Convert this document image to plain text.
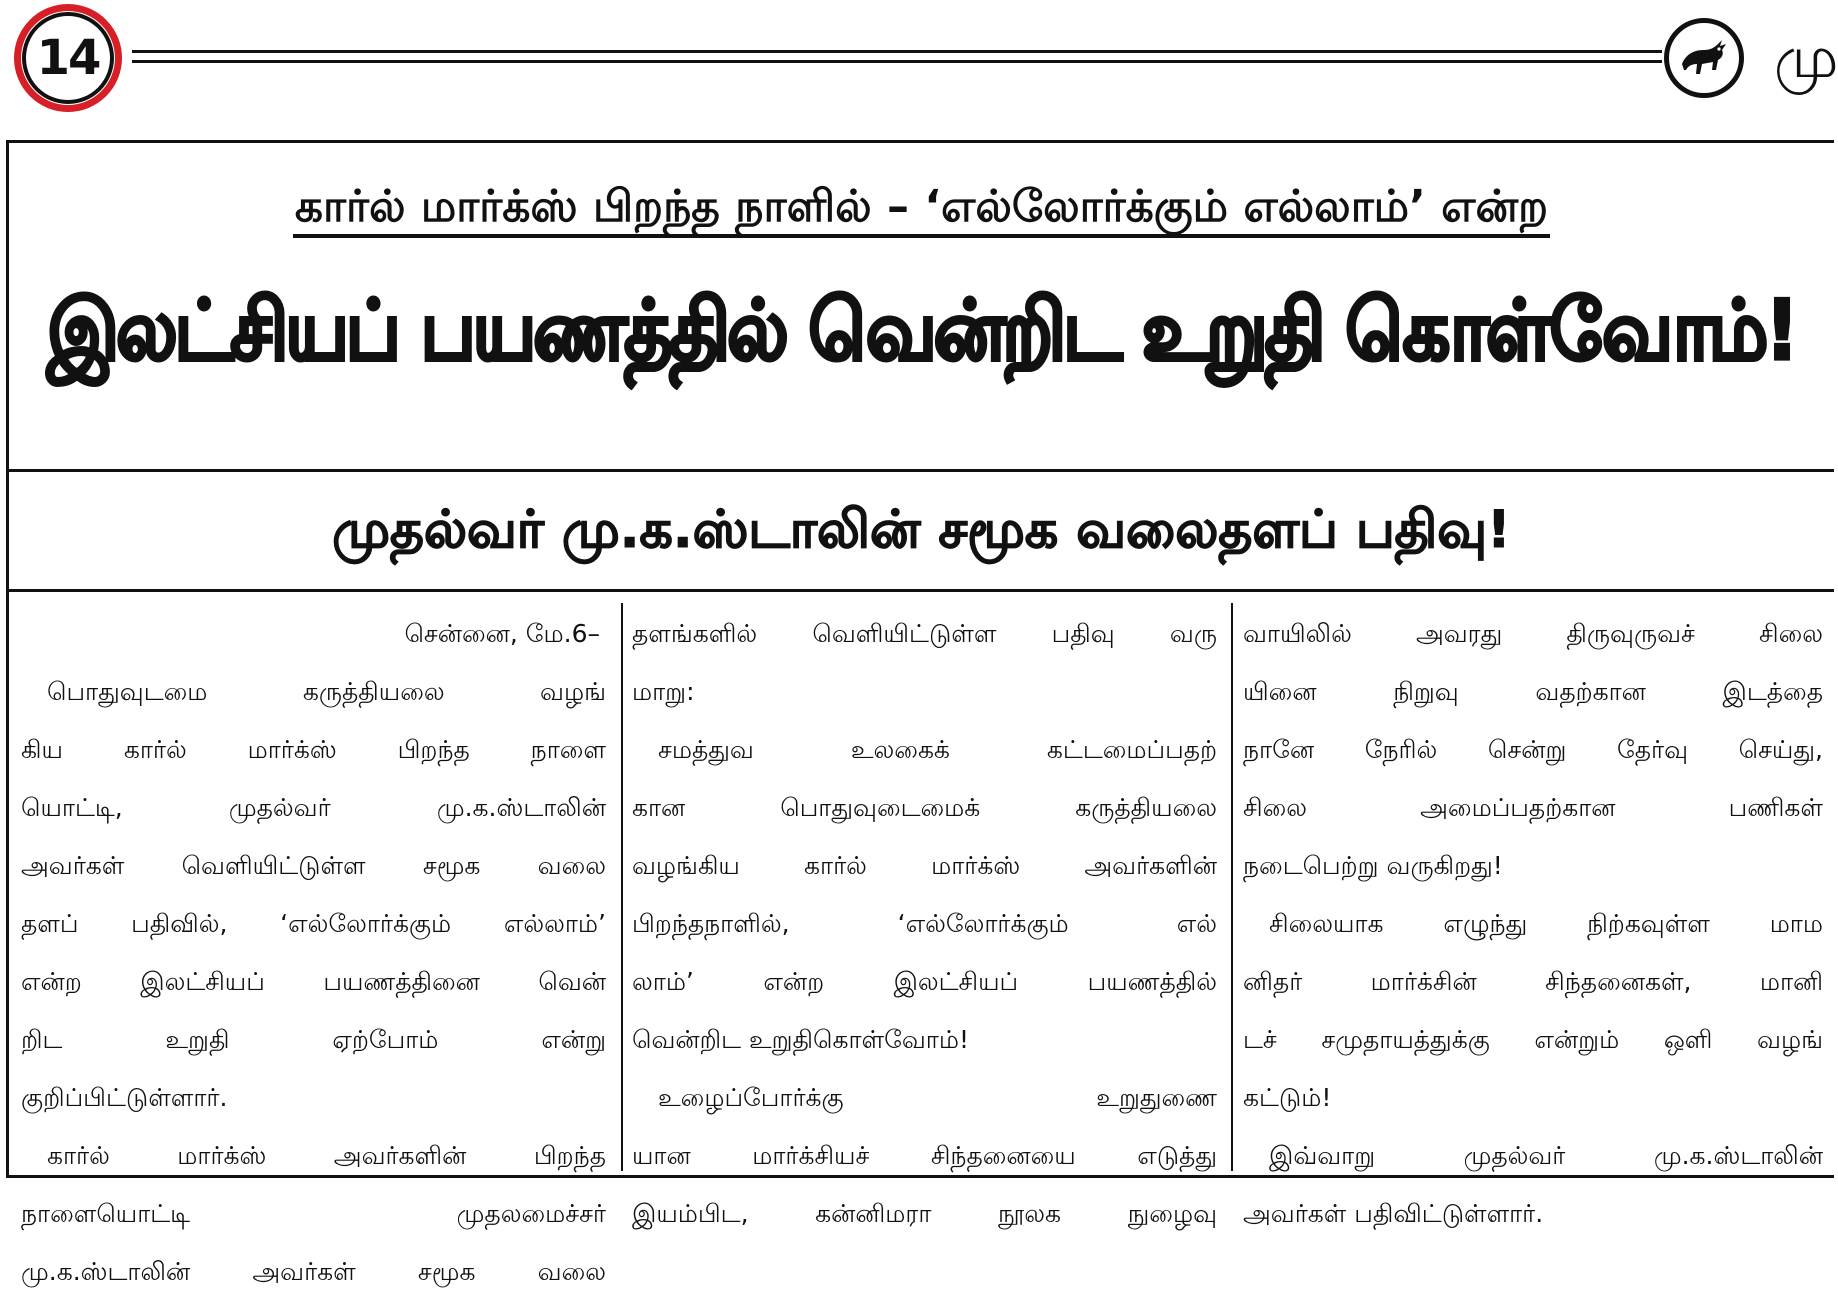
14	மு
கார்ல் மார்க்ஸ் பிறந்த நாளில் – ‘எல்லோர்க்கும் எல்லாம்’ என்ற
இலட்சியப் பயணத்தில் வென்றிட உறுதி கொள்வோம்!
முதல்வர் மு.க.ஸ்டாலின் சமூக வலைதளப் பதிவு!
சென்னை, மே.6–
பொதுவுடமை கருத்தியலை வழங்
கிய கார்ல் மார்க்ஸ் பிறந்த நாளை
யொட்டி, முதல்வர் மு.க.ஸ்டாலின்
அவர்கள் வெளியிட்டுள்ள சமூக வலை
தளப் பதிவில், ‘எல்லோர்க்கும் எல்லாம்’
என்ற இலட்சியப் பயணத்தினை வென்
றிட உறுதி ஏற்போம் என்று
குறிப்பிட்டுள்ளார்.
கார்ல் மார்க்ஸ் அவர்களின் பிறந்த
நாளையொட்டி முதலமைச்சர்
மு.க.ஸ்டாலின் அவர்கள் சமூக வலை
தளங்களில் வெளியிட்டுள்ள பதிவு வரு
மாறு:
சமத்துவ உலகைக் கட்டமைப்பதற்
கான பொதுவுடைமைக் கருத்தியலை
வழங்கிய கார்ல் மார்க்ஸ் அவர்களின்
பிறந்தநாளில், ‘எல்லோர்க்கும் எல்
லாம்’ என்ற இலட்சியப் பயணத்தில்
வென்றிட உறுதிகொள்வோம்!
உழைப்போர்க்கு உறுதுணை
யான மார்க்சியச் சிந்தனையை எடுத்து
இயம்பிட, கன்னிமரா நூலக நுழைவு
வாயிலில் அவரது திருவுருவச் சிலை
யினை நிறுவு வதற்கான இடத்தை
நானே நேரில் சென்று தேர்வு செய்து,
சிலை அமைப்பதற்கான பணிகள்
நடைபெற்று வருகிறது!
சிலையாக எழுந்து நிற்கவுள்ள மாம
னிதர் மார்க்சின் சிந்தனைகள், மானி
டச் சமுதாயத்துக்கு என்றும் ஒளி வழங்
கட்டும்!
இவ்வாறு முதல்வர் மு.க.ஸ்டாலின்
அவர்கள் பதிவிட்டுள்ளார்.
